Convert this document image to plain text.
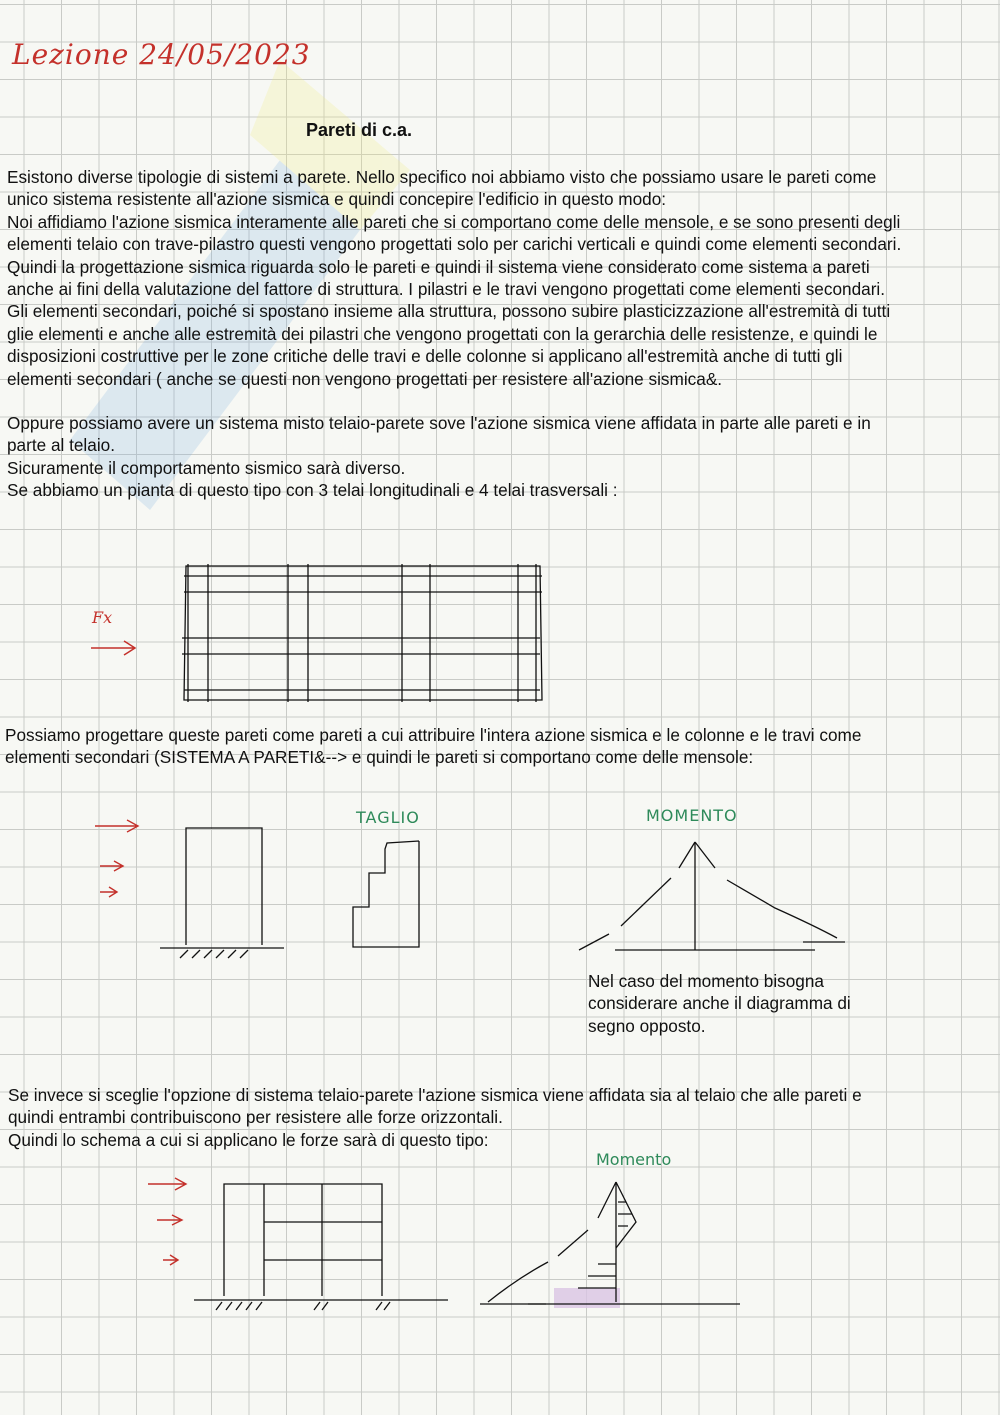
Lezione 24/05/2023
Pareti di c.a.

Esistono diverse tipologie di sistemi a parete. Nello specifico noi abbiamo visto che possiamo usare le pareti come

unico sistema resistente all'azione sismica e quindi concepire l'edificio in questo modo:

Noi affidiamo l'azione sismica interamente alle pareti che si comportano come delle mensole, e se sono presenti degli

elementi telaio con trave-pilastro questi vengono progettati solo per carichi verticali e quindi come elementi secondari.

Quindi la progettazione sismica riguarda solo le pareti e quindi il sistema viene considerato come sistema a pareti

anche ai fini della valutazione del fattore di struttura. I pilastri e le travi vengono progettati come elementi secondari.

Gli elementi secondari, poiché si spostano insieme alla struttura, possono subire plasticizzazione all'estremità di tutti

glie elementi e anche alle estremità dei pilastri che vengono progettati con la gerarchia delle resistenze, e quindi le

disposizioni costruttive per le zone critiche delle travi e delle colonne si applicano all'estremità anche di tutti gli

elementi secondari ( anche se questi non vengono progettati per resistere all'azione sismica&.

Oppure possiamo avere un sistema misto telaio-parete sove l'azione sismica viene affidata in parte alle pareti e in

parte al telaio.

Sicuramente il comportamento sismico sarà diverso.

Se abbiamo un pianta di questo tipo con 3 telai longitudinali e 4 telai trasversali :

Fx

Possiamo progettare queste pareti come pareti a cui attribuire l'intera azione sismica e le colonne e le travi come

elementi secondari (SISTEMA A PARETI&--> e quindi le pareti si comportano come delle mensole:

TAGLIO	MOMENTO

Nel caso del momento bisogna

considerare anche il diagramma di

segno opposto.

Se invece si sceglie l'opzione di sistema telaio-parete l'azione sismica viene affidata sia al telaio che alle pareti e

quindi entrambi contribuiscono per resistere alle forze orizzontali.

Quindi lo schema a cui si applicano le forze sarà di questo tipo:

Momento
